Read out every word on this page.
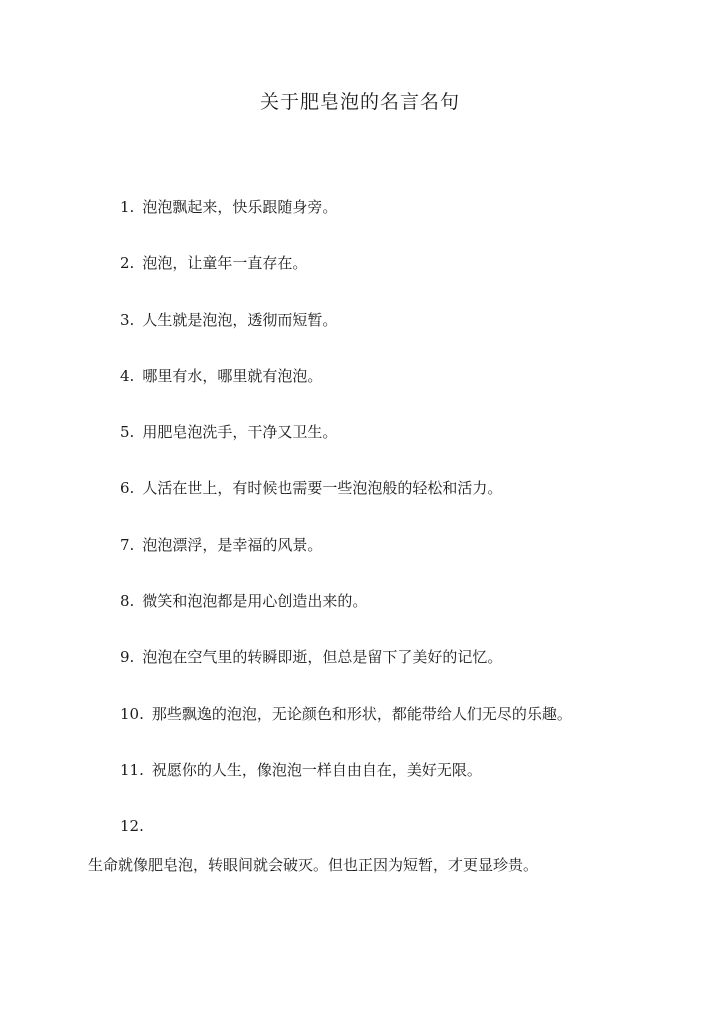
关于肥皂泡的名言名句
1. 泡泡飘起来，快乐跟随身旁。
2. 泡泡，让童年一直存在。
3. 人生就是泡泡，透彻而短暂。
4. 哪里有水，哪里就有泡泡。
5. 用肥皂泡洗手，干净又卫生。
6. 人活在世上，有时候也需要一些泡泡般的轻松和活力。
7. 泡泡漂浮，是幸福的风景。
8. 微笑和泡泡都是用心创造出来的。
9. 泡泡在空气里的转瞬即逝，但总是留下了美好的记忆。
10. 那些飘逸的泡泡，无论颜色和形状，都能带给人们无尽的乐趣。
11. 祝愿你的人生，像泡泡一样自由自在，美好无限。
12.
生命就像肥皂泡，转眼间就会破灭。但也正因为短暂，才更显珍贵。
